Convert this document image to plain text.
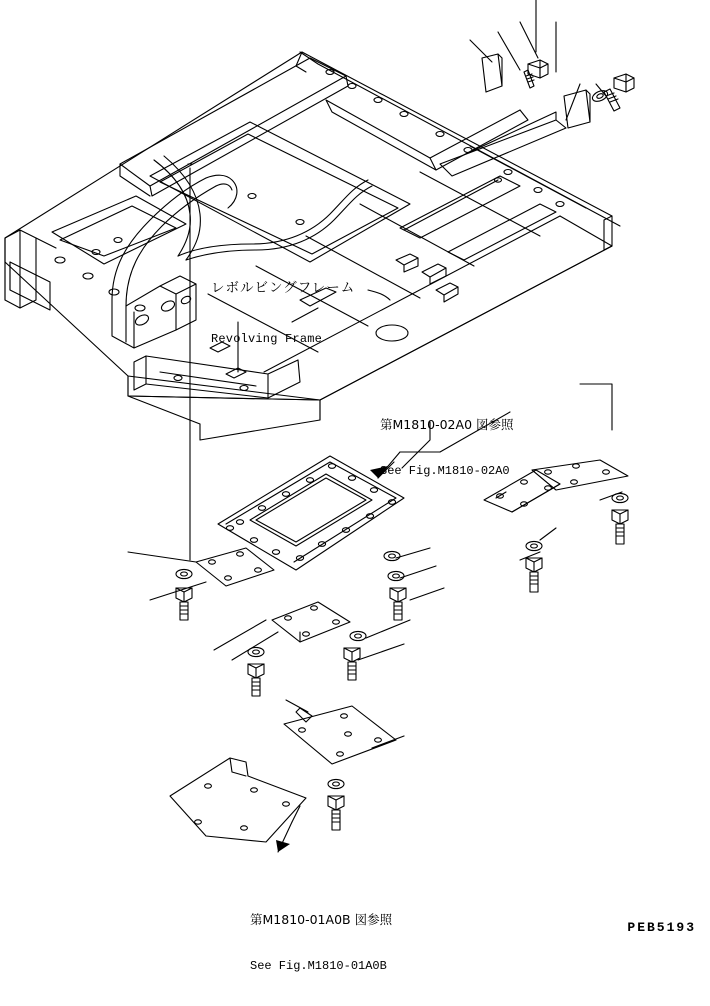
レボルビングフレーム

Revolving Frame

第M1810-02A0 図参照

See Fig.M1810-02A0

第M1810-01A0B 図参照

See Fig.M1810-01A0B

PEB5193
